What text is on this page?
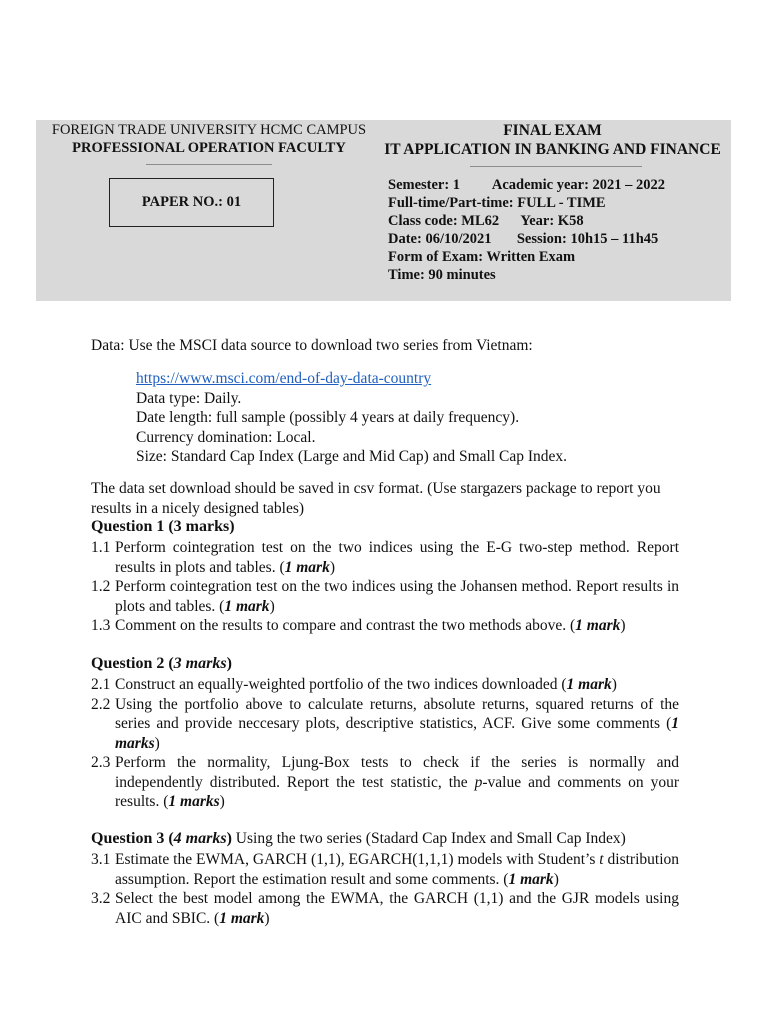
FOREIGN TRADE UNIVERSITY HCMC CAMPUS
PROFESSIONAL OPERATION FACULTY
PAPER NO.: 01
FINAL EXAM
IT APPLICATION IN BANKING AND FINANCE
Semester: 1         Academic year: 2021 – 2022
Full-time/Part-time: FULL - TIME
Class code: ML62      Year: K58
Date: 06/10/2021       Session: 10h15 – 11h45
Form of Exam: Written Exam
Time: 90 minutes
Data: Use the MSCI data source to download two series from Vietnam:
https://www.msci.com/end-of-day-data-country
Data type: Daily.
Date length: full sample (possibly 4 years at daily frequency).
Currency domination: Local.
Size: Standard Cap Index (Large and Mid Cap) and Small Cap Index.
The data set download should be saved in csv format. (Use stargazers package to report you results in a nicely designed tables)
Question 1 (3 marks)
1.1 Perform cointegration test on the two indices using the E-G two-step method. Report results in plots and tables. (1 mark)
1.2 Perform cointegration test on the two indices using the Johansen method. Report results in plots and tables. (1 mark)
1.3 Comment on the results to compare and contrast the two methods above. (1 mark)
Question 2 (3 marks)
2.1 Construct an equally-weighted portfolio of the two indices downloaded (1 mark)
2.2 Using the portfolio above to calculate returns, absolute returns, squared returns of the series and provide neccesary plots, descriptive statistics, ACF. Give some comments (1 marks)
2.3 Perform the normality, Ljung-Box tests to check if the series is normally and independently distributed. Report the test statistic, the p-value and comments on your results. (1 marks)
Question 3 (4 marks) Using the two series (Stadard Cap Index and Small Cap Index)
3.1 Estimate the EWMA, GARCH (1,1), EGARCH(1,1,1) models with Student’s t distribution assumption. Report the estimation result and some comments. (1 mark)
3.2 Select the best model among the EWMA, the GARCH (1,1) and the GJR models using AIC and SBIC. (1 mark)
